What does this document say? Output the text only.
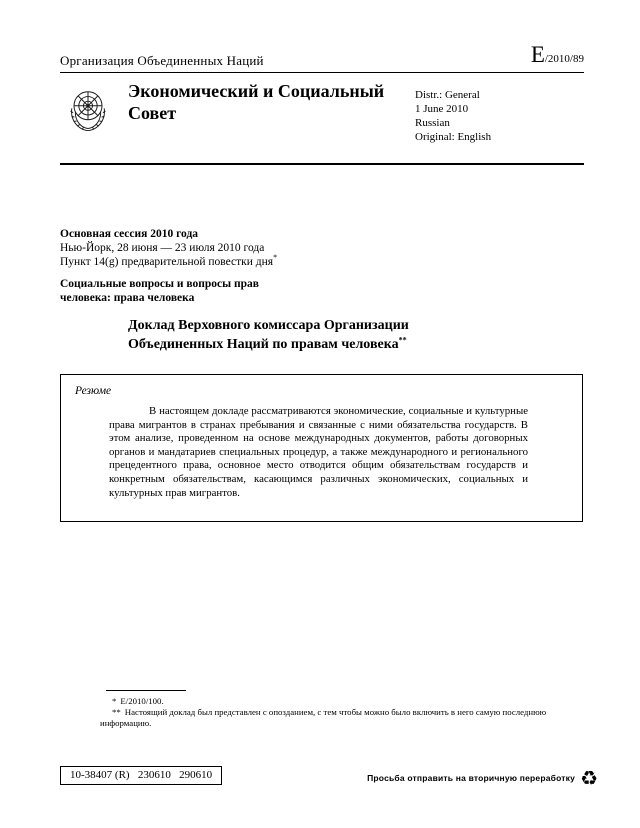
Организация Объединенных Наций	E/2010/89
Экономический и Социальный Совет
Distr.: General
1 June 2010
Russian
Original: English
Основная сессия 2010 года
Нью-Йорк, 28 июня — 23 июля 2010 года
Пункт 14(g) предварительной повестки дня*
Социальные вопросы и вопросы прав человека: права человека
Доклад Верховного комиссара Организации Объединенных Наций по правам человека**
Резюме

В настоящем докладе рассматриваются экономические, социальные и культурные права мигрантов в странах пребывания и связанные с ними обязательства государств. В этом анализе, проведенном на основе международных документов, работы договорных органов и мандатариев специальных процедур, а также международного и регионального прецедентного права, основное место отводится общим обязательствам государств и конкретным обязательствам, касающимся различных экономических, социальных и культурных прав мигрантов.

* E/2010/100.
** Настоящий доклад был представлен с опозданием, с тем чтобы можно было включить в него самую последнюю информацию.
10-38407 (R)   230610   290610	Просьба отправить на вторичную переработку ♻
